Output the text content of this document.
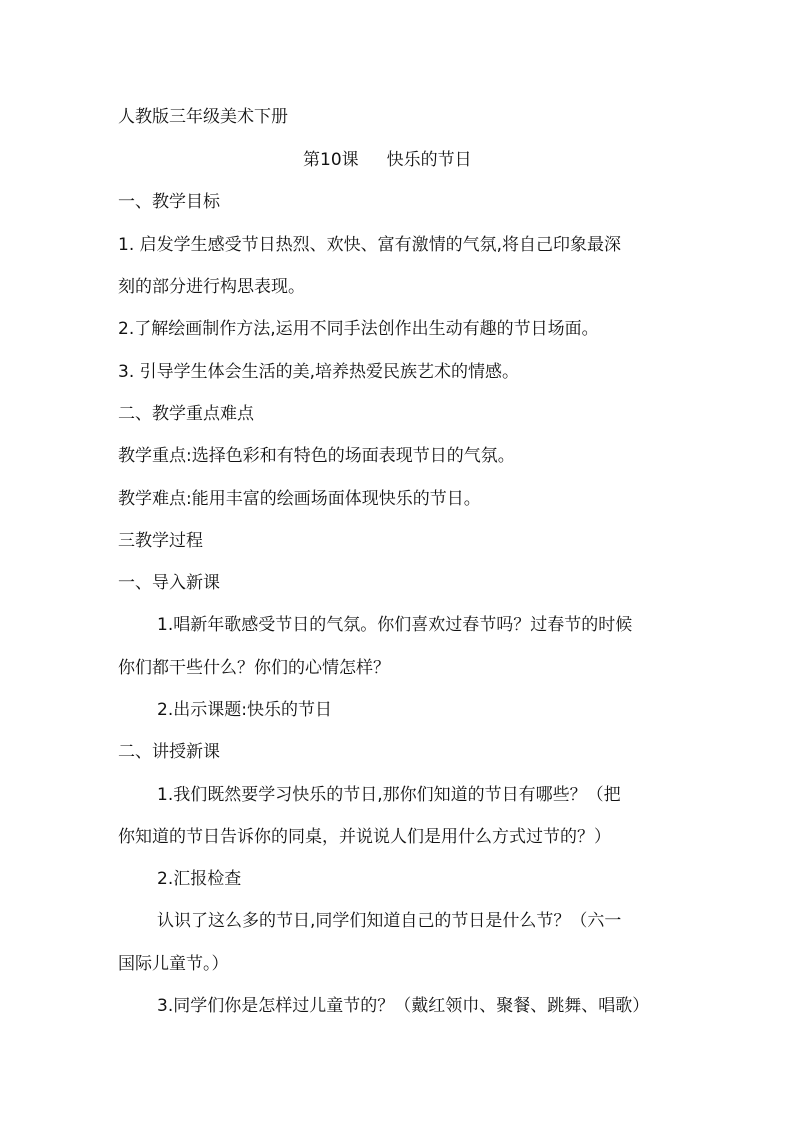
人教版三年级美术下册
第10课 快乐的节日
一、教学目标
1. 启发学生感受节日热烈、欢快、富有激情的气氛,将自己印象最深
刻的部分进行构思表现。
2.了解绘画制作方法,运用不同手法创作出生动有趣的节日场面。
3. 引导学生体会生活的美,培养热爱民族艺术的情感。
二、教学重点难点
教学重点:选择色彩和有特色的场面表现节日的气氛。
教学难点:能用丰富的绘画场面体现快乐的节日。
三教学过程
一、导入新课
1.唱新年歌感受节日的气氛。你们喜欢过春节吗？过春节的时候
你们都干些什么？你们的心情怎样？
2.出示课题:快乐的节日
二、讲授新课
1.我们既然要学习快乐的节日,那你们知道的节日有哪些？（把
你知道的节日告诉你的同桌，并说说人们是用什么方式过节的？）
2.汇报检查
认识了这么多的节日,同学们知道自己的节日是什么节？（六一
国际儿童节。）
3.同学们你是怎样过儿童节的？（戴红领巾、聚餐、跳舞、唱歌）
